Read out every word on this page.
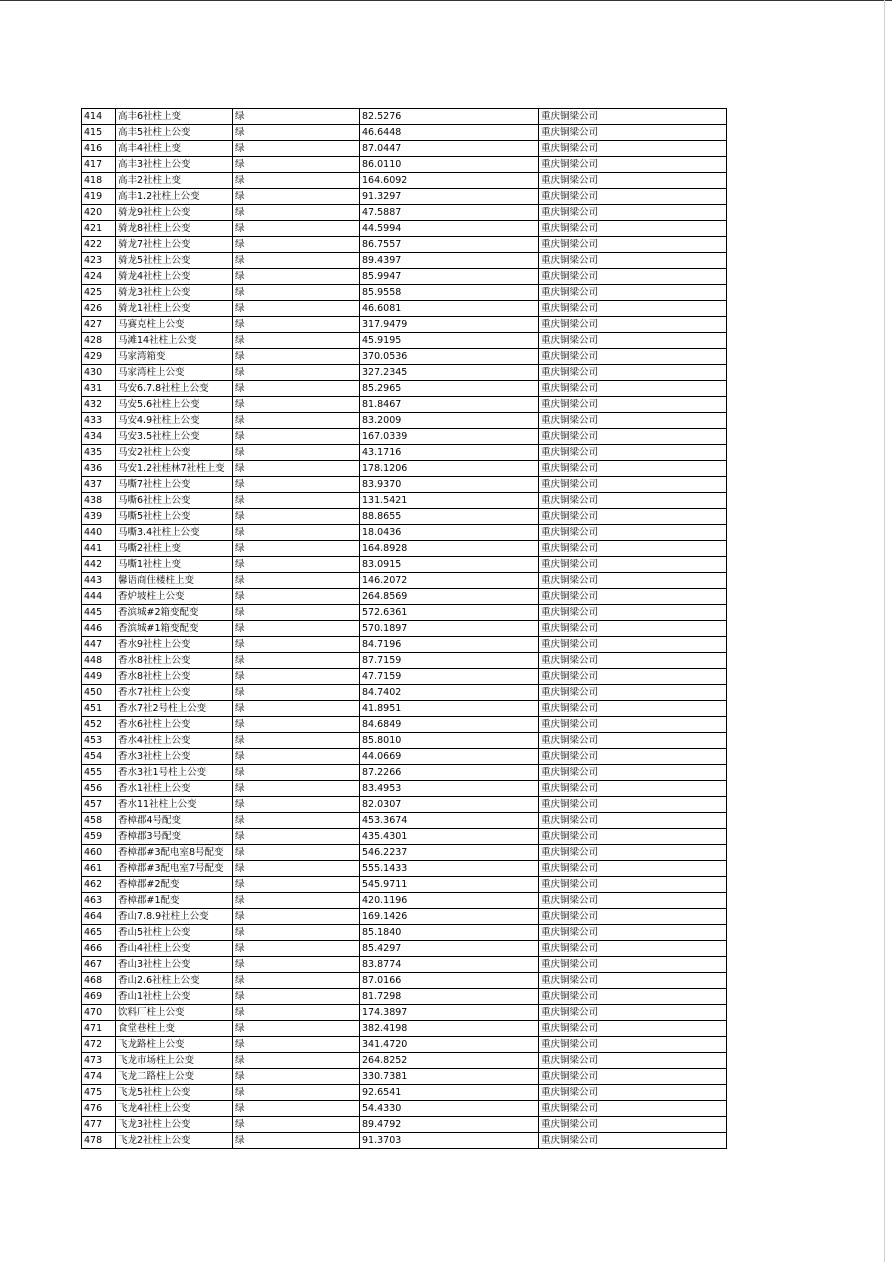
414	高丰6社柱上变	绿	82.5276	重庆铜梁公司
415	高丰5社柱上公变	绿	46.6448	重庆铜梁公司
416	高丰4社柱上变	绿	87.0447	重庆铜梁公司
417	高丰3社柱上公变	绿	86.0110	重庆铜梁公司
418	高丰2社柱上变	绿	164.6092	重庆铜梁公司
419	高丰1.2社柱上公变	绿	91.3297	重庆铜梁公司
420	骑龙9社柱上公变	绿	47.5887	重庆铜梁公司
421	骑龙8社柱上公变	绿	44.5994	重庆铜梁公司
422	骑龙7社柱上公变	绿	86.7557	重庆铜梁公司
423	骑龙5社柱上公变	绿	89.4397	重庆铜梁公司
424	骑龙4社柱上公变	绿	85.9947	重庆铜梁公司
425	骑龙3社柱上公变	绿	85.9558	重庆铜梁公司
426	骑龙1社柱上公变	绿	46.6081	重庆铜梁公司
427	马赛克柱上公变	绿	317.9479	重庆铜梁公司
428	马滩14社柱上公变	绿	45.9195	重庆铜梁公司
429	马家湾箱变	绿	370.0536	重庆铜梁公司
430	马家湾柱上公变	绿	327.2345	重庆铜梁公司
431	马安6.7.8社柱上公变	绿	85.2965	重庆铜梁公司
432	马安5.6社柱上公变	绿	81.8467	重庆铜梁公司
433	马安4.9社柱上公变	绿	83.2009	重庆铜梁公司
434	马安3.5社柱上公变	绿	167.0339	重庆铜梁公司
435	马安2社柱上公变	绿	43.1716	重庆铜梁公司
436	马安1.2社桂林7社柱上变	绿	178.1206	重庆铜梁公司
437	马嘶7社柱上公变	绿	83.9370	重庆铜梁公司
438	马嘶6社柱上公变	绿	131.5421	重庆铜梁公司
439	马嘶5社柱上公变	绿	88.8655	重庆铜梁公司
440	马嘶3.4社柱上公变	绿	18.0436	重庆铜梁公司
441	马嘶2社柱上变	绿	164.8928	重庆铜梁公司
442	马嘶1社柱上变	绿	83.0915	重庆铜梁公司
443	馨语商住楼柱上变	绿	146.2072	重庆铜梁公司
444	香炉坡柱上公变	绿	264.8569	重庆铜梁公司
445	香滨城#2箱变配变	绿	572.6361	重庆铜梁公司
446	香滨城#1箱变配变	绿	570.1897	重庆铜梁公司
447	香水9社柱上公变	绿	84.7196	重庆铜梁公司
448	香水8社柱上公变	绿	87.7159	重庆铜梁公司
449	香水8社柱上公变	绿	47.7159	重庆铜梁公司
450	香水7社柱上公变	绿	84.7402	重庆铜梁公司
451	香水7社2号柱上公变	绿	41.8951	重庆铜梁公司
452	香水6社柱上公变	绿	84.6849	重庆铜梁公司
453	香水4社柱上公变	绿	85.8010	重庆铜梁公司
454	香水3社柱上公变	绿	44.0669	重庆铜梁公司
455	香水3社1号柱上公变	绿	87.2266	重庆铜梁公司
456	香水1社柱上公变	绿	83.4953	重庆铜梁公司
457	香水11社柱上公变	绿	82.0307	重庆铜梁公司
458	香樟郡4号配变	绿	453.3674	重庆铜梁公司
459	香樟郡3号配变	绿	435.4301	重庆铜梁公司
460	香樟郡#3配电室8号配变	绿	546.2237	重庆铜梁公司
461	香樟郡#3配电室7号配变	绿	555.1433	重庆铜梁公司
462	香樟郡#2配变	绿	545.9711	重庆铜梁公司
463	香樟郡#1配变	绿	420.1196	重庆铜梁公司
464	香山7.8.9社柱上公变	绿	169.1426	重庆铜梁公司
465	香山5社柱上公变	绿	85.1840	重庆铜梁公司
466	香山4社柱上公变	绿	85.4297	重庆铜梁公司
467	香山3社柱上公变	绿	83.8774	重庆铜梁公司
468	香山2.6社柱上公变	绿	87.0166	重庆铜梁公司
469	香山1社柱上公变	绿	81.7298	重庆铜梁公司
470	饮料厂柱上公变	绿	174.3897	重庆铜梁公司
471	食堂巷柱上变	绿	382.4198	重庆铜梁公司
472	飞龙路柱上公变	绿	341.4720	重庆铜梁公司
473	飞龙市场柱上公变	绿	264.8252	重庆铜梁公司
474	飞龙二路柱上公变	绿	330.7381	重庆铜梁公司
475	飞龙5社柱上公变	绿	92.6541	重庆铜梁公司
476	飞龙4社柱上公变	绿	54.4330	重庆铜梁公司
477	飞龙3社柱上公变	绿	89.4792	重庆铜梁公司
478	飞龙2社柱上公变	绿	91.3703	重庆铜梁公司
